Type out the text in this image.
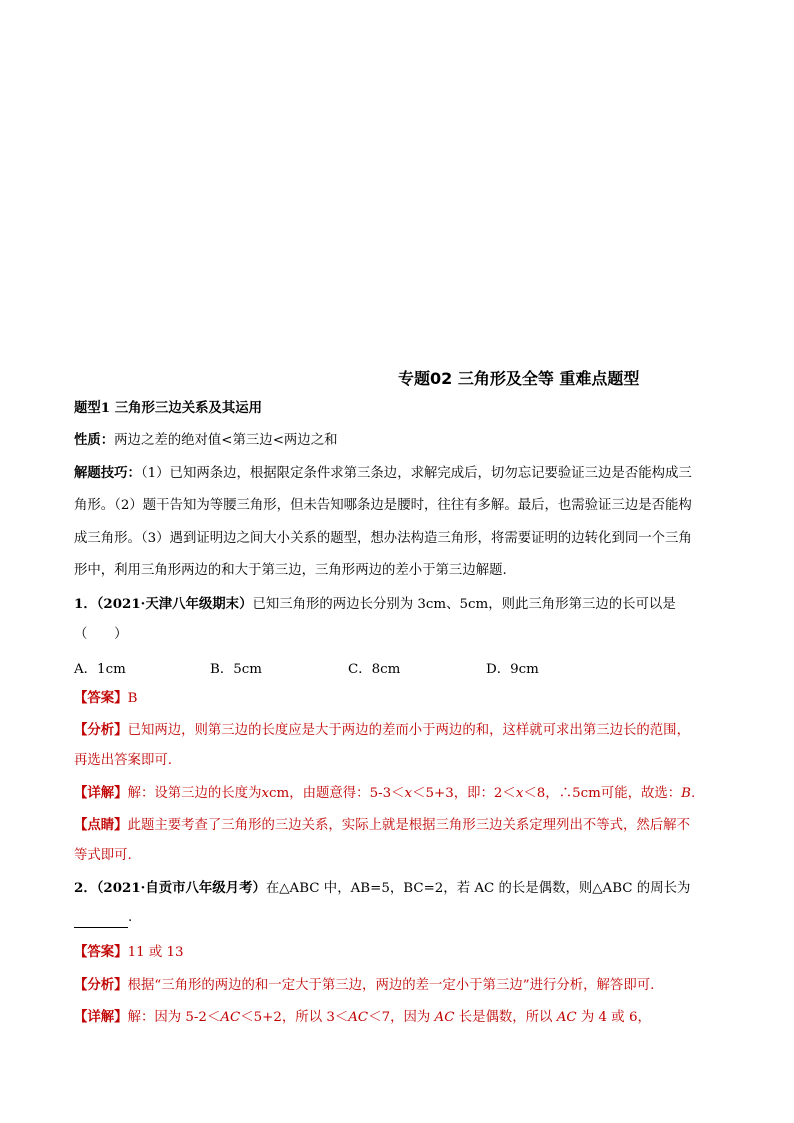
专题02 三角形及全等 重难点题型
题型1 三角形三边关系及其运用
性质：两边之差的绝对值<第三边<两边之和
解题技巧：（1）已知两条边，根据限定条件求第三条边，求解完成后，切勿忘记要验证三边是否能构成三
角形。（2）题干告知为等腰三角形，但未告知哪条边是腰时，往往有多解。最后，也需验证三边是否能构
成三角形。（3）遇到证明边之间大小关系的题型，想办法构造三角形，将需要证明的边转化到同一个三角
形中，利用三角形两边的和大于第三边，三角形两边的差小于第三边解题.
1．（2021·天津八年级期末）已知三角形的两边长分别为 3cm、5cm，则此三角形第三边的长可以是
（　　）
A．1cm	B．5cm	C．8cm	D．9cm
【答案】B
【分析】已知两边，则第三边的长度应是大于两边的差而小于两边的和，这样就可求出第三边长的范围，
再选出答案即可.
【详解】解：设第三边的长度为xcm，由题意得：5-3＜x＜5+3，即：2＜x＜8，∴5cm可能，故选：B.
【点睛】此题主要考查了三角形的三边关系，实际上就是根据三角形三边关系定理列出不等式，然后解不
等式即可.
2．（2021·自贡市八年级月考）在△ABC 中，AB=5，BC=2，若 AC 的长是偶数，则△ABC 的周长为
.
【答案】11 或 13
【分析】根据“三角形的两边的和一定大于第三边，两边的差一定小于第三边”进行分析，解答即可.
【详解】解：因为 5-2＜AC＜5+2，所以 3＜AC＜7，因为 AC 长是偶数，所以 AC 为 4 或 6，
